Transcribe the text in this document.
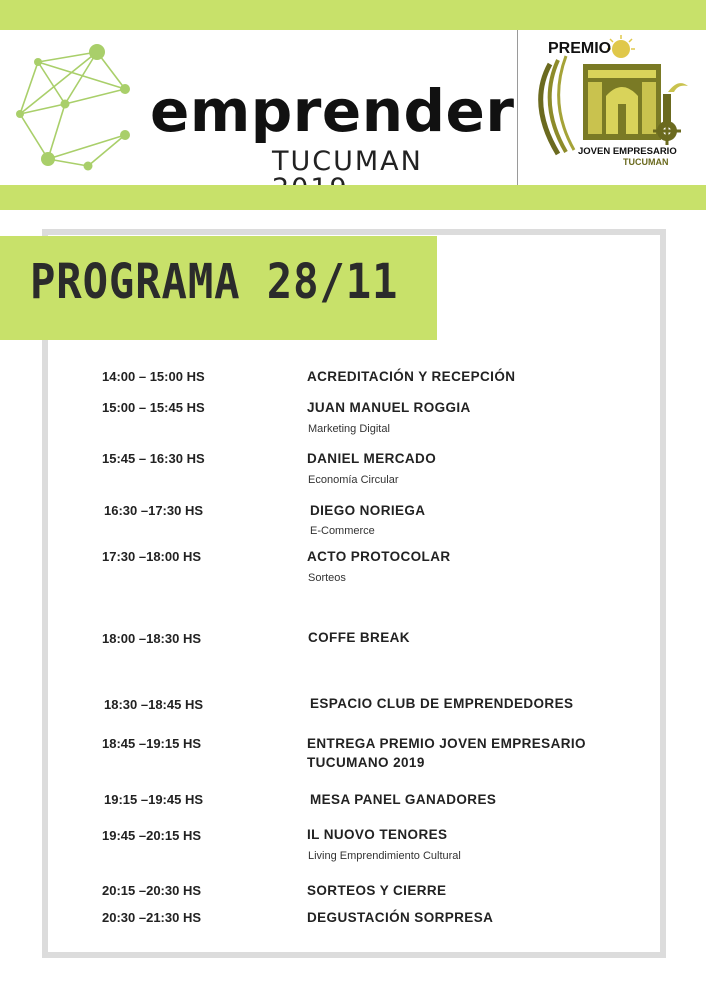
emprender
TUCUMAN
PREMIO
JOVEN EMPRESARIO
TUCUMAN
PROGRAMA 28/11
14:00 – 15:00 HS	ACREDITACIÓN Y RECEPCIÓN
15:00 – 15:45 HS	JUAN MANUEL ROGGIA
Marketing Digital
15:45 – 16:30 HS	DANIEL MERCADO
Economía Circular
16:30 –17:30 HS	DIEGO NORIEGA
E-Commerce
17:30 –18:00 HS	ACTO PROTOCOLAR
Sorteos
18:00 –18:30 HS	COFFE BREAK
18:30 –18:45 HS	ESPACIO CLUB DE EMPRENDEDORES
18:45 –19:15 HS	ENTREGA PREMIO JOVEN EMPRESARIO
TUCUMANO 2019
19:15 –19:45 HS	MESA PANEL GANADORES
19:45 –20:15 HS	IL NUOVO TENORES
Living Emprendimiento Cultural
20:15 –20:30 HS	SORTEOS Y CIERRE
20:30 –21:30 HS	DEGUSTACIÓN SORPRESA
